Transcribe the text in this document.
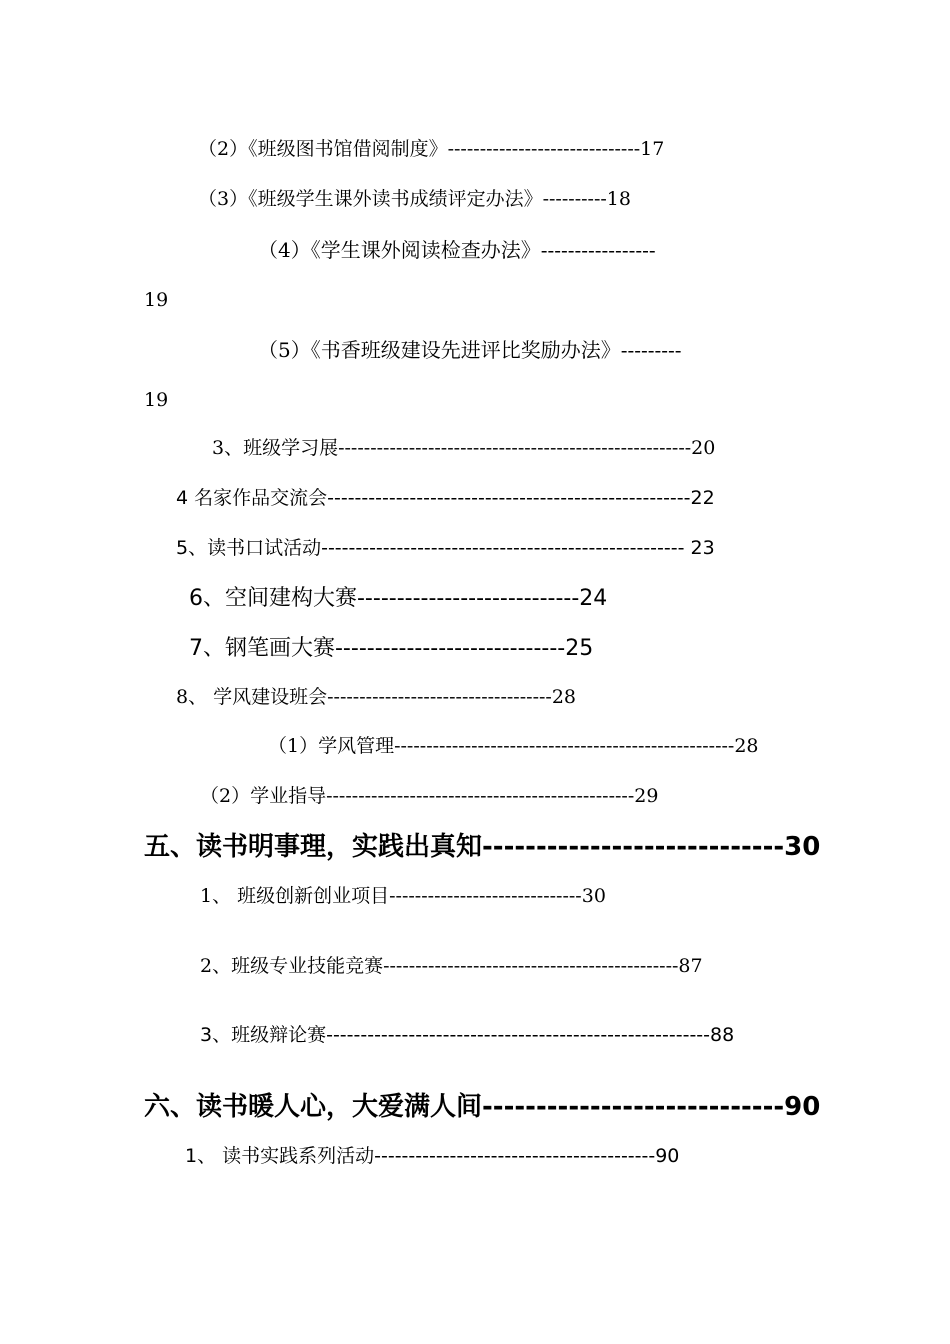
（2）《班级图书馆借阅制度》------------------------------17
（3）《班级学生课外读书成绩评定办法》----------18
（4）《学生课外阅读检查办法》-----------------
19
（5）《书香班级建设先进评比奖励办法》---------
19
3、班级学习展-------------------------------------------------------20
4 名家作品交流会-----------------------------------------------------22
5、读书口试活动----------------------------------------------------- 23
6、空间建构大赛----------------------------24
7、钢笔画大赛-----------------------------25
8、 学风建设班会-----------------------------------28
（1）学风管理-----------------------------------------------------28
（2）学业指导------------------------------------------------29
五、读书明事理，实践出真知----------------------------30
1、 班级创新创业项目------------------------------30
2、班级专业技能竞赛----------------------------------------------87
3、班级辩论赛--------------------------------------------------------88
六、读书暖人心，大爱满人间----------------------------90
1、 读书实践系列活动-----------------------------------------90
